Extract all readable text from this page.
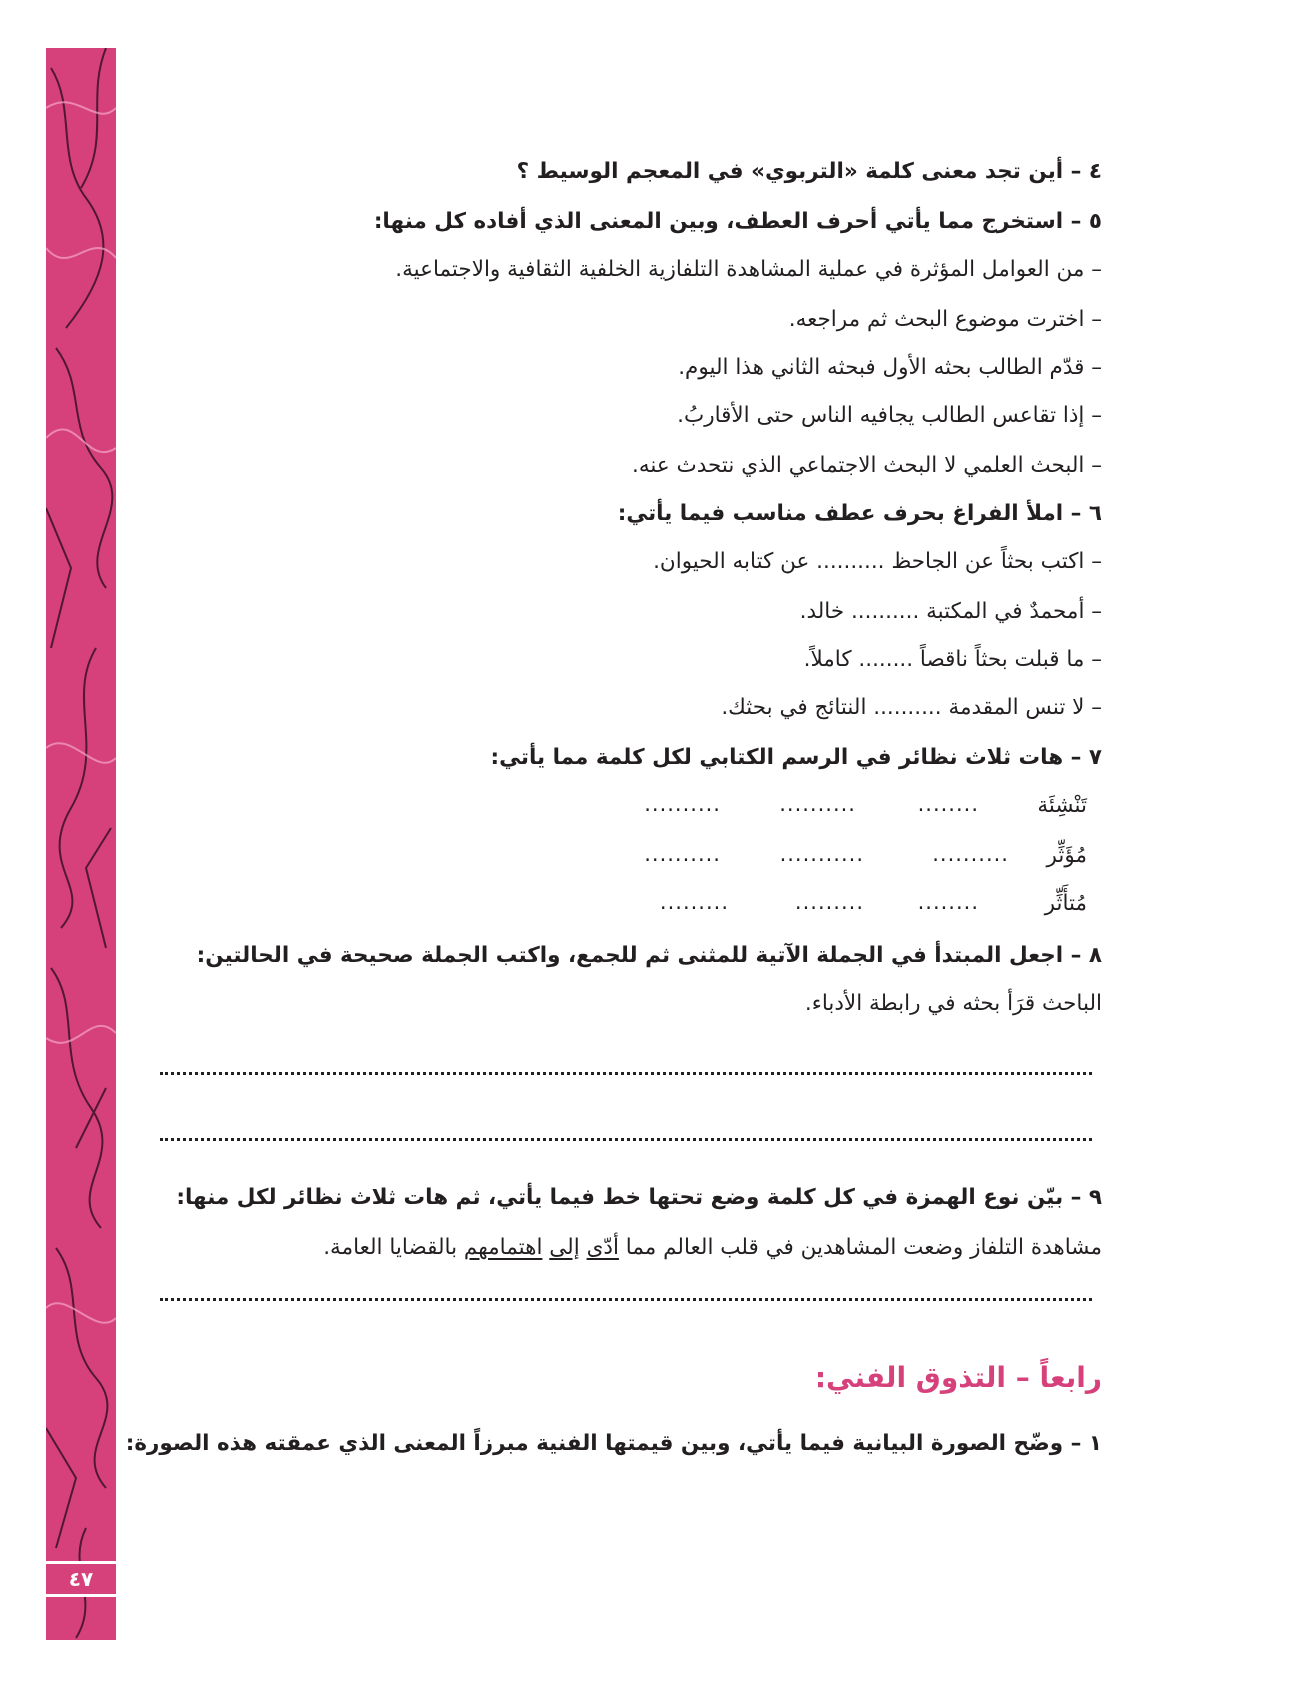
٤٧
٤ – أين تجد معنى كلمة «التربوي» في المعجم الوسيط ؟
٥ – استخرج مما يأتي أحرف العطف، وبين المعنى الذي أفاده كل منها:
– من العوامل المؤثرة في عملية المشاهدة التلفازية الخلفية الثقافية والاجتماعية.
– اخترت موضوع البحث ثم مراجعه.
– قدّم الطالب بحثه الأول فبحثه الثاني هذا اليوم.
– إذا تقاعس الطالب يجافيه الناس حتى الأقاربُ.
– البحث العلمي لا البحث الاجتماعي الذي نتحدث عنه.
٦ – املأ الفراغ بحرف عطف مناسب فيما يأتي:
– اكتب بحثاً عن الجاحظ .......... عن كتابه الحيوان.
– أمحمدٌ في المكتبة .......... خالد.
– ما قبلت بحثاً ناقصاً ........ كاملاً.
– لا تنس المقدمة .......... النتائج في بحثك.
٧ – هات ثلاث نظائر في الرسم الكتابي لكل كلمة مما يأتي:
تَنْشِئَة
........
..........
..........
مُؤَثِّر
..........
...........
..........
مُتأَثِّر
........
.........
.........
٨ – اجعل المبتدأ في الجملة الآتية للمثنى ثم للجمع، واكتب الجملة صحيحة في الحالتين:
الباحث قرَأ بحثه في رابطة الأدباء.
٩ – بيّن نوع الهمزة في كل كلمة وضع تحتها خط فيما يأتي، ثم هات ثلاث نظائر لكل منها:
مشاهدة التلفاز وضعت المشاهدين في قلب العالم مما أدّى إلى اهتمامهم بالقضايا العامة.
رابعاً – التذوق الفني:
١ – وضّح الصورة البيانية فيما يأتي، وبين قيمتها الفنية مبرزاً المعنى الذي عمقته هذه الصورة:
